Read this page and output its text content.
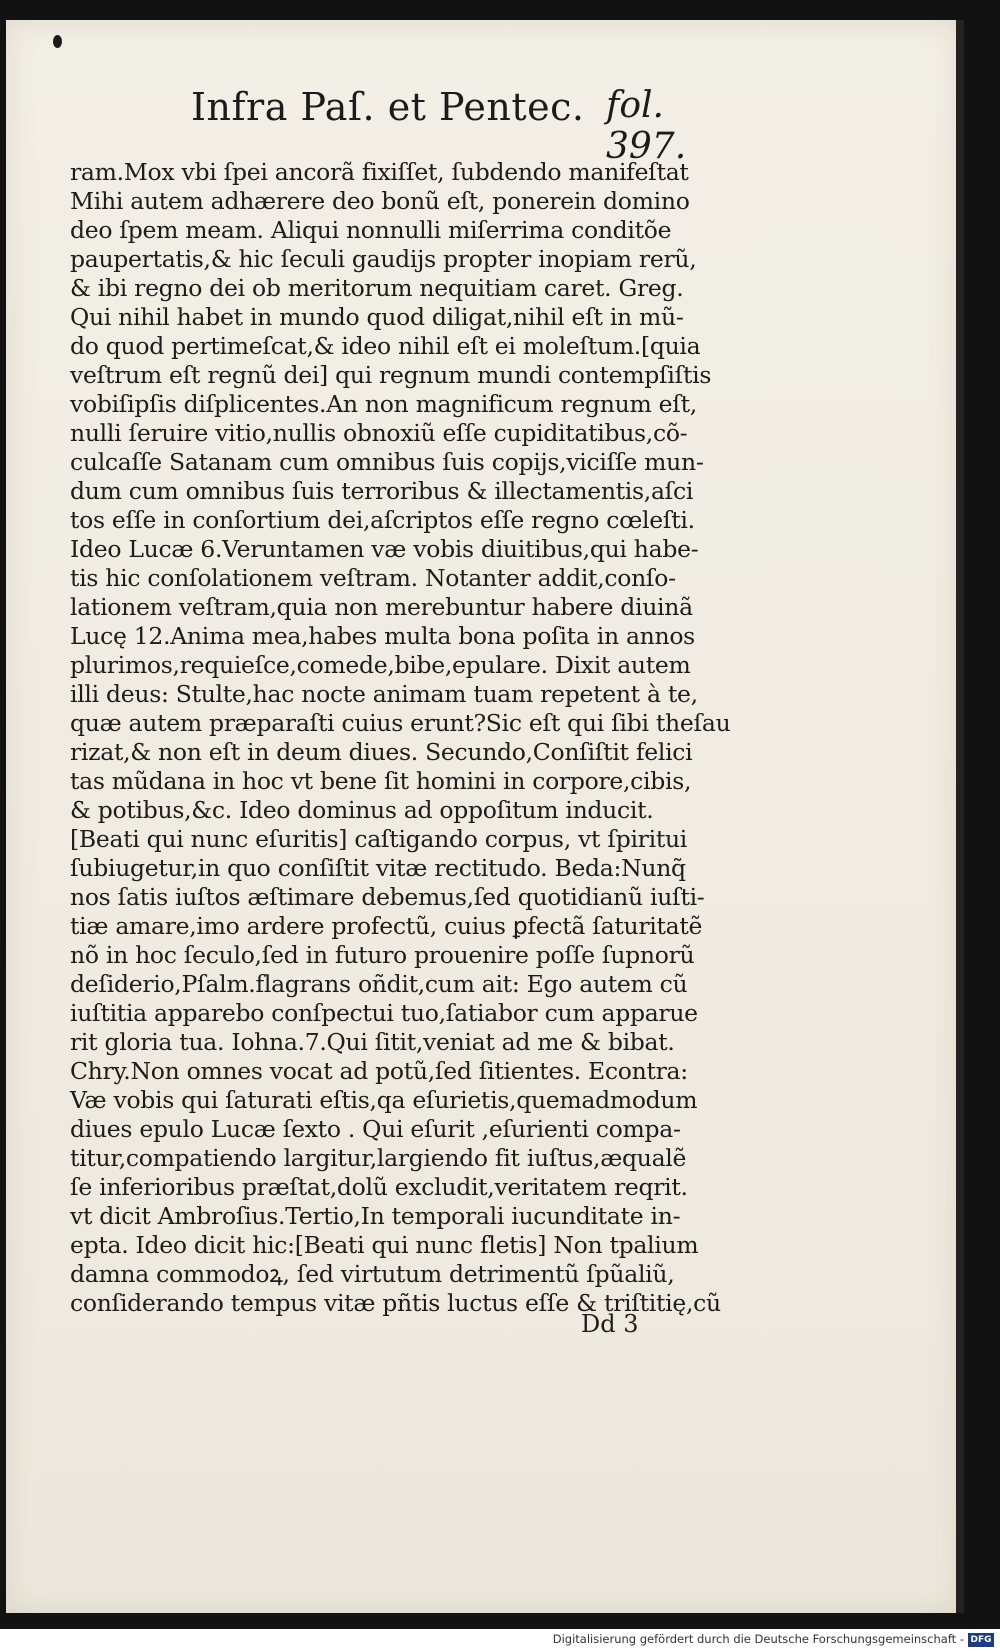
Infra Paſ. et Pentec. fol. 397.
ram.Mox vbi ſpei ancorã fixiſſet, ſubdendo manifeſtat
Mihi autem adhærere deo bonũ eſt, ponerein domino
deo ſpem meam. Aliqui nonnulli miſerrima conditõe
paupertatis,& hic ſeculi gaudijs propter inopiam rerũ,
& ibi regno dei ob meritorum nequitiam caret. Greg.
Qui nihil habet in mundo quod diligat,nihil eſt in mũ-
do quod pertimeſcat,& ideo nihil eſt ei moleſtum.[quia
veſtrum eſt regnũ dei] qui regnum mundi contempſiſtis
vobiſipſis diſplicentes.An non magnificum regnum eſt,
nulli ſeruire vitio,nullis obnoxiũ eſſe cupiditatibus,cõ-
culcaſſe Satanam cum omnibus ſuis copijs,viciſſe mun-
dum cum omnibus ſuis terroribus & illectamentis,aſci
tos eſſe in conſortium dei,aſcriptos eſſe regno cœleſti.
Ideo Lucæ 6.Veruntamen væ vobis diuitibus,qui habe-
tis hic conſolationem veſtram. Notanter addit,conſo-
lationem veſtram,quia non merebuntur habere diuinã
Lucę 12.Anima mea,habes multa bona poſita in annos
plurimos,requieſce,comede,bibe,epulare. Dixit autem
illi deus: Stulte,hac nocte animam tuam repetent à te,
quæ autem præparaſti cuius erunt?Sic eſt qui ſibi theſau
rizat,& non eſt in deum diues. Secundo,Conſiſtit felici
tas mũdana in hoc vt bene ſit homini in corpore,cibis,
& potibus,&c. Ideo dominus ad oppoſitum inducit.
[Beati qui nunc eſuritis] caſtigando corpus, vt ſpiritui
ſubiugetur,in quo conſiſtit vitæ rectitudo. Beda:Nunq̃
nos ſatis iuſtos æſtimare debemus,ſed quotidianũ iuſti-
tiæ amare,imo ardere profectũ, cuius ꝑfectã ſaturitatẽ
nõ in hoc ſeculo,ſed in futuro prouenire poſſe ſupnorũ
deſiderio,Pſalm.flagrans oñdit,cum ait: Ego autem cũ
iuſtitia apparebo conſpectui tuo,ſatiabor cum apparue
rit gloria tua. Iohna.7.Qui ſitit,veniat ad me & bibat.
Chry.Non omnes vocat ad potũ,ſed ſitientes. Econtra:
Væ vobis qui ſaturati eſtis,qa eſurietis,quemadmodum
diues epulo Lucæ ſexto . Qui eſurit ,eſurienti compa-
titur,compatiendo largitur,largiendo fit iuſtus,æqualẽ
ſe inferioribus præſtat,dolũ excludit,veritatem reqrit.
vt dicit Ambroſius.Tertio,In temporali iucunditate in-
epta. Ideo dicit hic:[Beati qui nunc fletis] Non tpalium
damna commodoꝝ, ſed virtutum detrimentũ ſpũaliũ,
conſiderando tempus vitæ pñtis luctus eſſe & triſtitię,cũ
Dd 3
Digitalisierung gefördert durch die Deutsche Forschungsgemeinschaft - DFG
